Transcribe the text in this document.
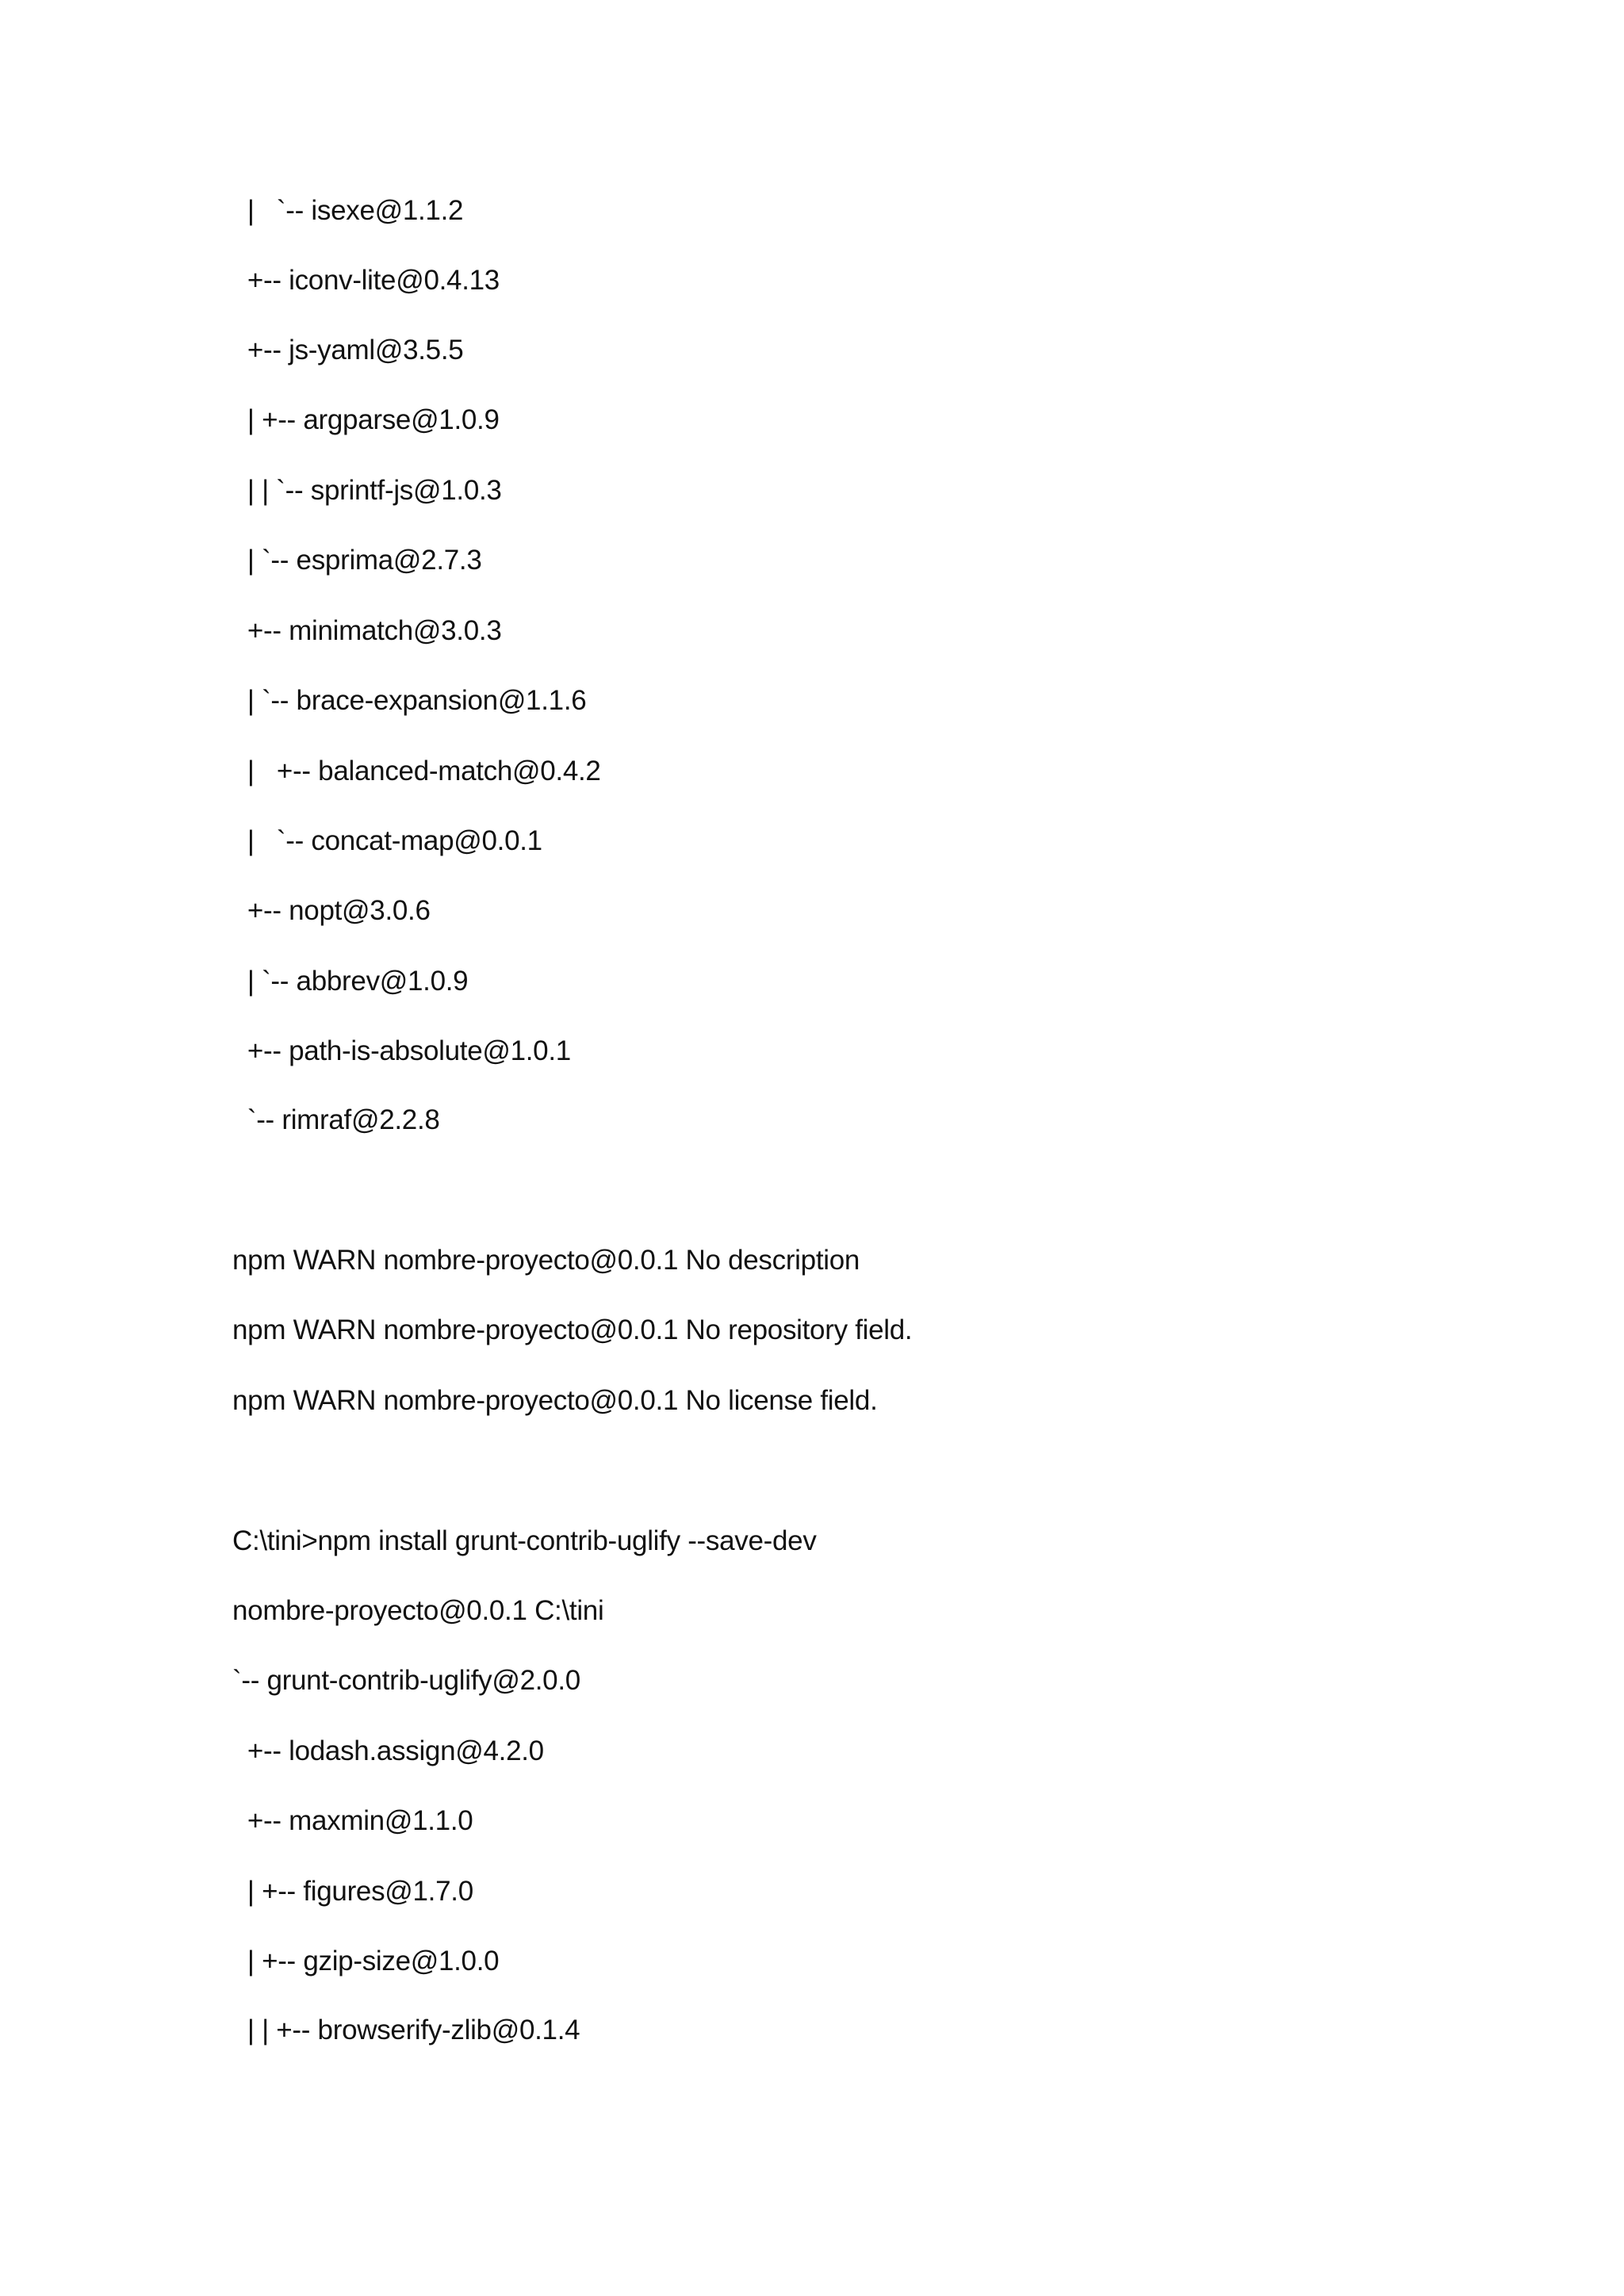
|   `-- isexe@1.1.2
+-- iconv-lite@0.4.13
+-- js-yaml@3.5.5
| +-- argparse@1.0.9
| | `-- sprintf-js@1.0.3
| `-- esprima@2.7.3
+-- minimatch@3.0.3
| `-- brace-expansion@1.1.6
|   +-- balanced-match@0.4.2
|   `-- concat-map@0.0.1
+-- nopt@3.0.6
| `-- abbrev@1.0.9
+-- path-is-absolute@1.0.1
`-- rimraf@2.2.8
npm WARN nombre-proyecto@0.0.1 No description
npm WARN nombre-proyecto@0.0.1 No repository field.
npm WARN nombre-proyecto@0.0.1 No license field.
C:\tini>npm install grunt-contrib-uglify --save-dev
nombre-proyecto@0.0.1 C:\tini
`-- grunt-contrib-uglify@2.0.0
+-- lodash.assign@4.2.0
+-- maxmin@1.1.0
| +-- figures@1.7.0
| +-- gzip-size@1.0.0
| | +-- browserify-zlib@0.1.4
